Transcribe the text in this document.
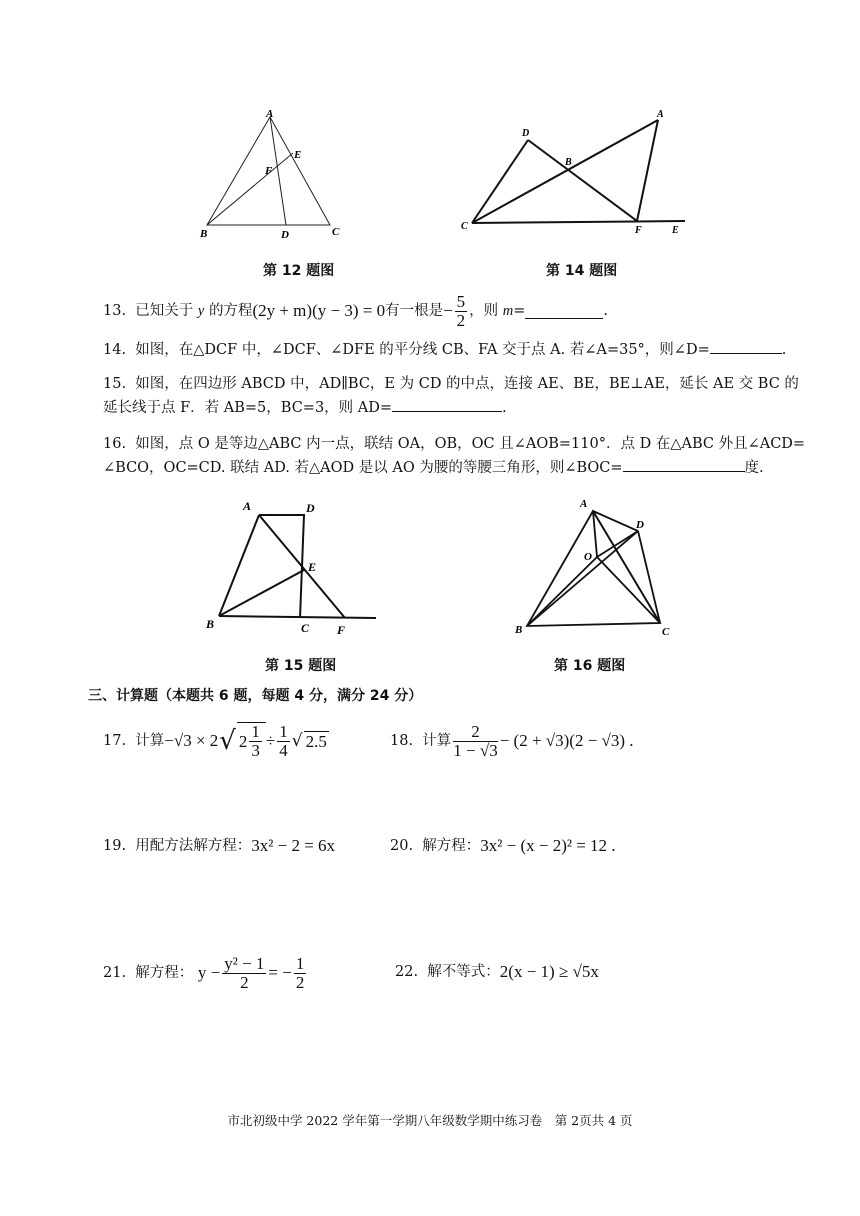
A
B	C
D
E
F
第 12 题图
D
A
B
C	F	E
第 14 题图
13.
已知关于
y
的方程 (2y + m)(y − 3) = 0 有一根是 − $\frac{5}{2}$ ，则
m =	.
14. 如图，在△DCF 中，∠DCF、∠DFE 的平分线 CB、FA 交于点 A. 若∠A=35°，则∠D=	.
15. 如图，在四边形 ABCD 中，AD∥BC，E 为 CD 的中点，连接 AE、BE，BE⊥AE，延长 AE 交 BC 的
延长线于点 F．若 AB=5，BC=3，则 AD=	.
16. 如图，点 O 是等边△ABC 内一点，联结 OA，OB，OC 且∠AOB=110°．点 D 在△ABC 外且∠ACD=
∠BCO，OC=CD. 联结 AD. 若△AOD 是以 AO 为腰的等腰三角形，则∠BOC=	度.
A	D
E
B	C F
第 15 题图
A
D
O
B	C
第 16 题图
三、计算题（本题共 6 题，每题 4 分，满分 24 分）
17.
计算 −√3 × 2 √ $2 \frac{1}{3} \div \frac{1}{4}$ √ 2.5	18.
计算 $\frac{2}{1 - √3} - (2 + √3)(2 - √3)$ .
19.
用配方法解方程： 3x² − 2 = 6x	20.
解方程： 3x² − (x − 2)² = 12 .
21.
解方程：
$y - \frac{\text{y² − 1}}{2}$ = − $\frac{1}{2}$	22.
解不等式： 2(x − 1) ≥ √5x
市北初级中学 2022 学年第一学期八年级数学期中练习卷　第 2页共 4 页
